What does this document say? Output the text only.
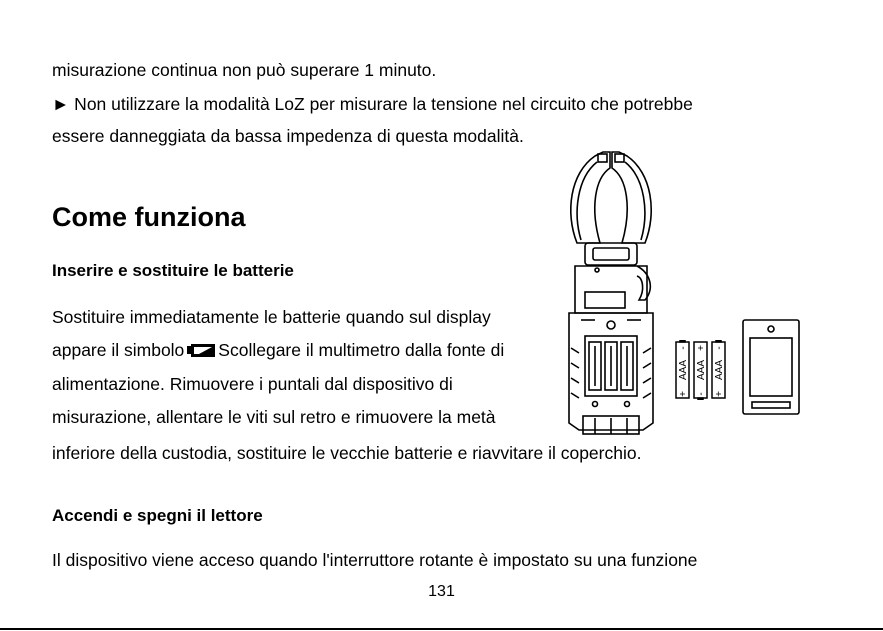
misurazione continua non può superare 1 minuto.
► Non utilizzare la modalità LoZ per misurare la tensione nel circuito che potrebbe
essere danneggiata da bassa impedenza di questa modalità.
Come funziona
Inserire e sostituire le batterie
Sostituire immediatamente le batterie quando sul display
appare il simbolo Scollegare il multimetro dalla fonte di
alimentazione. Rimuovere i puntali dal dispositivo di
misurazione, allentare le viti sul retro e rimuovere la metà
inferiore della custodia, sostituire le vecchie batterie e riavvitare il coperchio.
Accendi e spegni il lettore
Il dispositivo viene acceso quando l'interruttore rotante è impostato su una funzione
131
AAA AAA AAA
+
+
+
-
-
-
